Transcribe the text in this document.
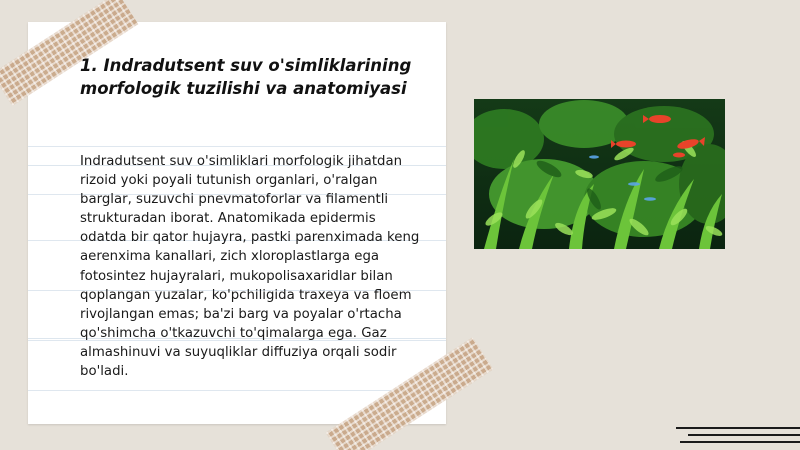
1. Indradutsent suv o'simliklarining morfologik tuzilishi va anatomiyasi

Indradutsent suv o'simliklari morfologik jihatdan rizoid yoki poyali tutunish organlari, o'ralgan barglar, suzuvchi pnevmatoforlar va filamentli strukturadan iborat. Anatomikada epidermis odatda bir qator hujayra, pastki parenximada keng aerenxima kanallari, zich xloroplastlarga ega fotosintez hujayralari, mukopolisaxaridlar bilan qoplangan yuzalar, ko'pchiligida traxeya va floem rivojlangan emas; ba'zi barg va poyalar o'rtacha qo'shimcha o'tkazuvchi to'qimalarga ega. Gaz almashinuvi va suyuqliklar diffuziya orqali sodir bo'ladi.
